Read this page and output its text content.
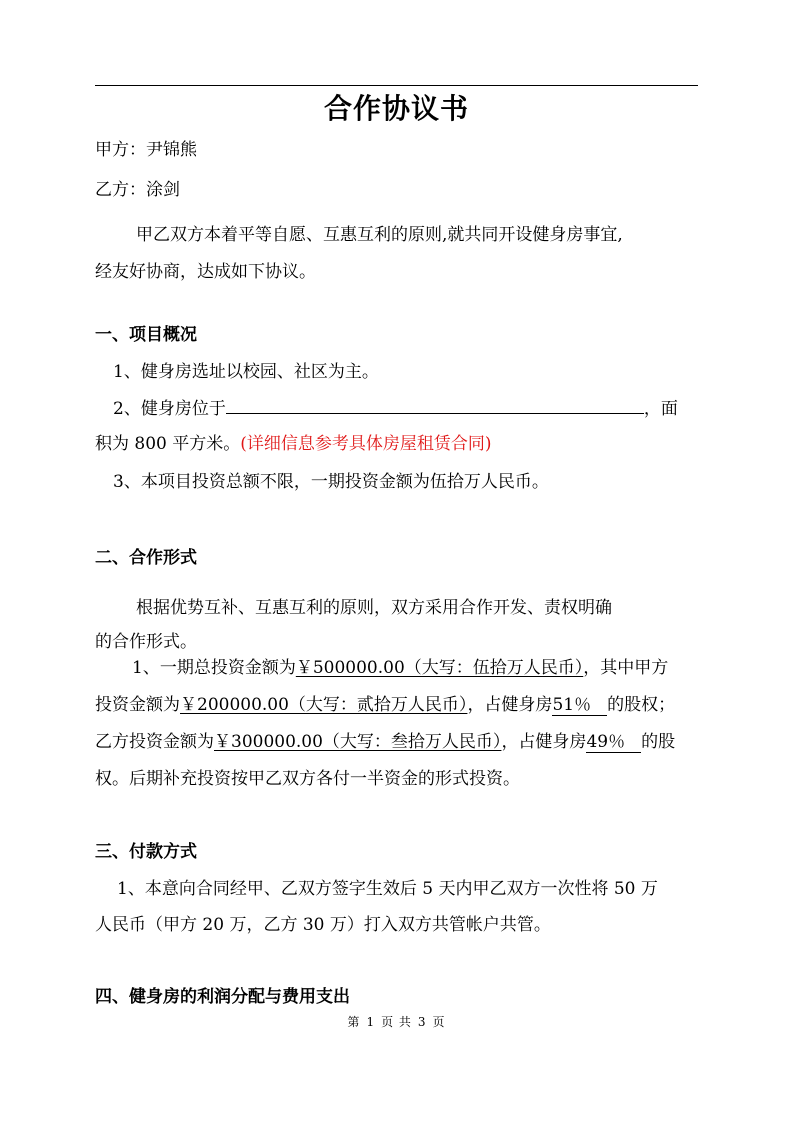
合作协议书
甲方：尹锦熊
乙方：涂剑
甲乙双方本着平等自愿、互惠互利的原则,就共同开设健身房事宜,
经友好协商，达成如下协议。
一、项目概况
1、健身房选址以校园、社区为主。
2、健身房位于	，面
积为 800 平方米。(详细信息参考具体房屋租赁合同)
3、本项目投资总额不限，一期投资金额为伍拾万人民币。
二、合作形式
根据优势互补、互惠互利的原则，双方采用合作开发、责权明确
的合作形式。
1、一期总投资金额为￥500000.00（大写：伍拾万人民币），其中甲方
投资金额为￥200000.00（大写：贰拾万人民币），占健身房51％ 的股权；
乙方投资金额为￥300000.00（大写：叁拾万人民币），占健身房49％ 的股
权。后期补充投资按甲乙双方各付一半资金的形式投资。
三、付款方式
1、本意向合同经甲、乙双方签字生效后 5 天内甲乙双方一次性将 50 万
人民币（甲方 20 万，乙方 30 万）打入双方共管帐户共管。
四、健身房的利润分配与费用支出
第 1 页 共 3 页
